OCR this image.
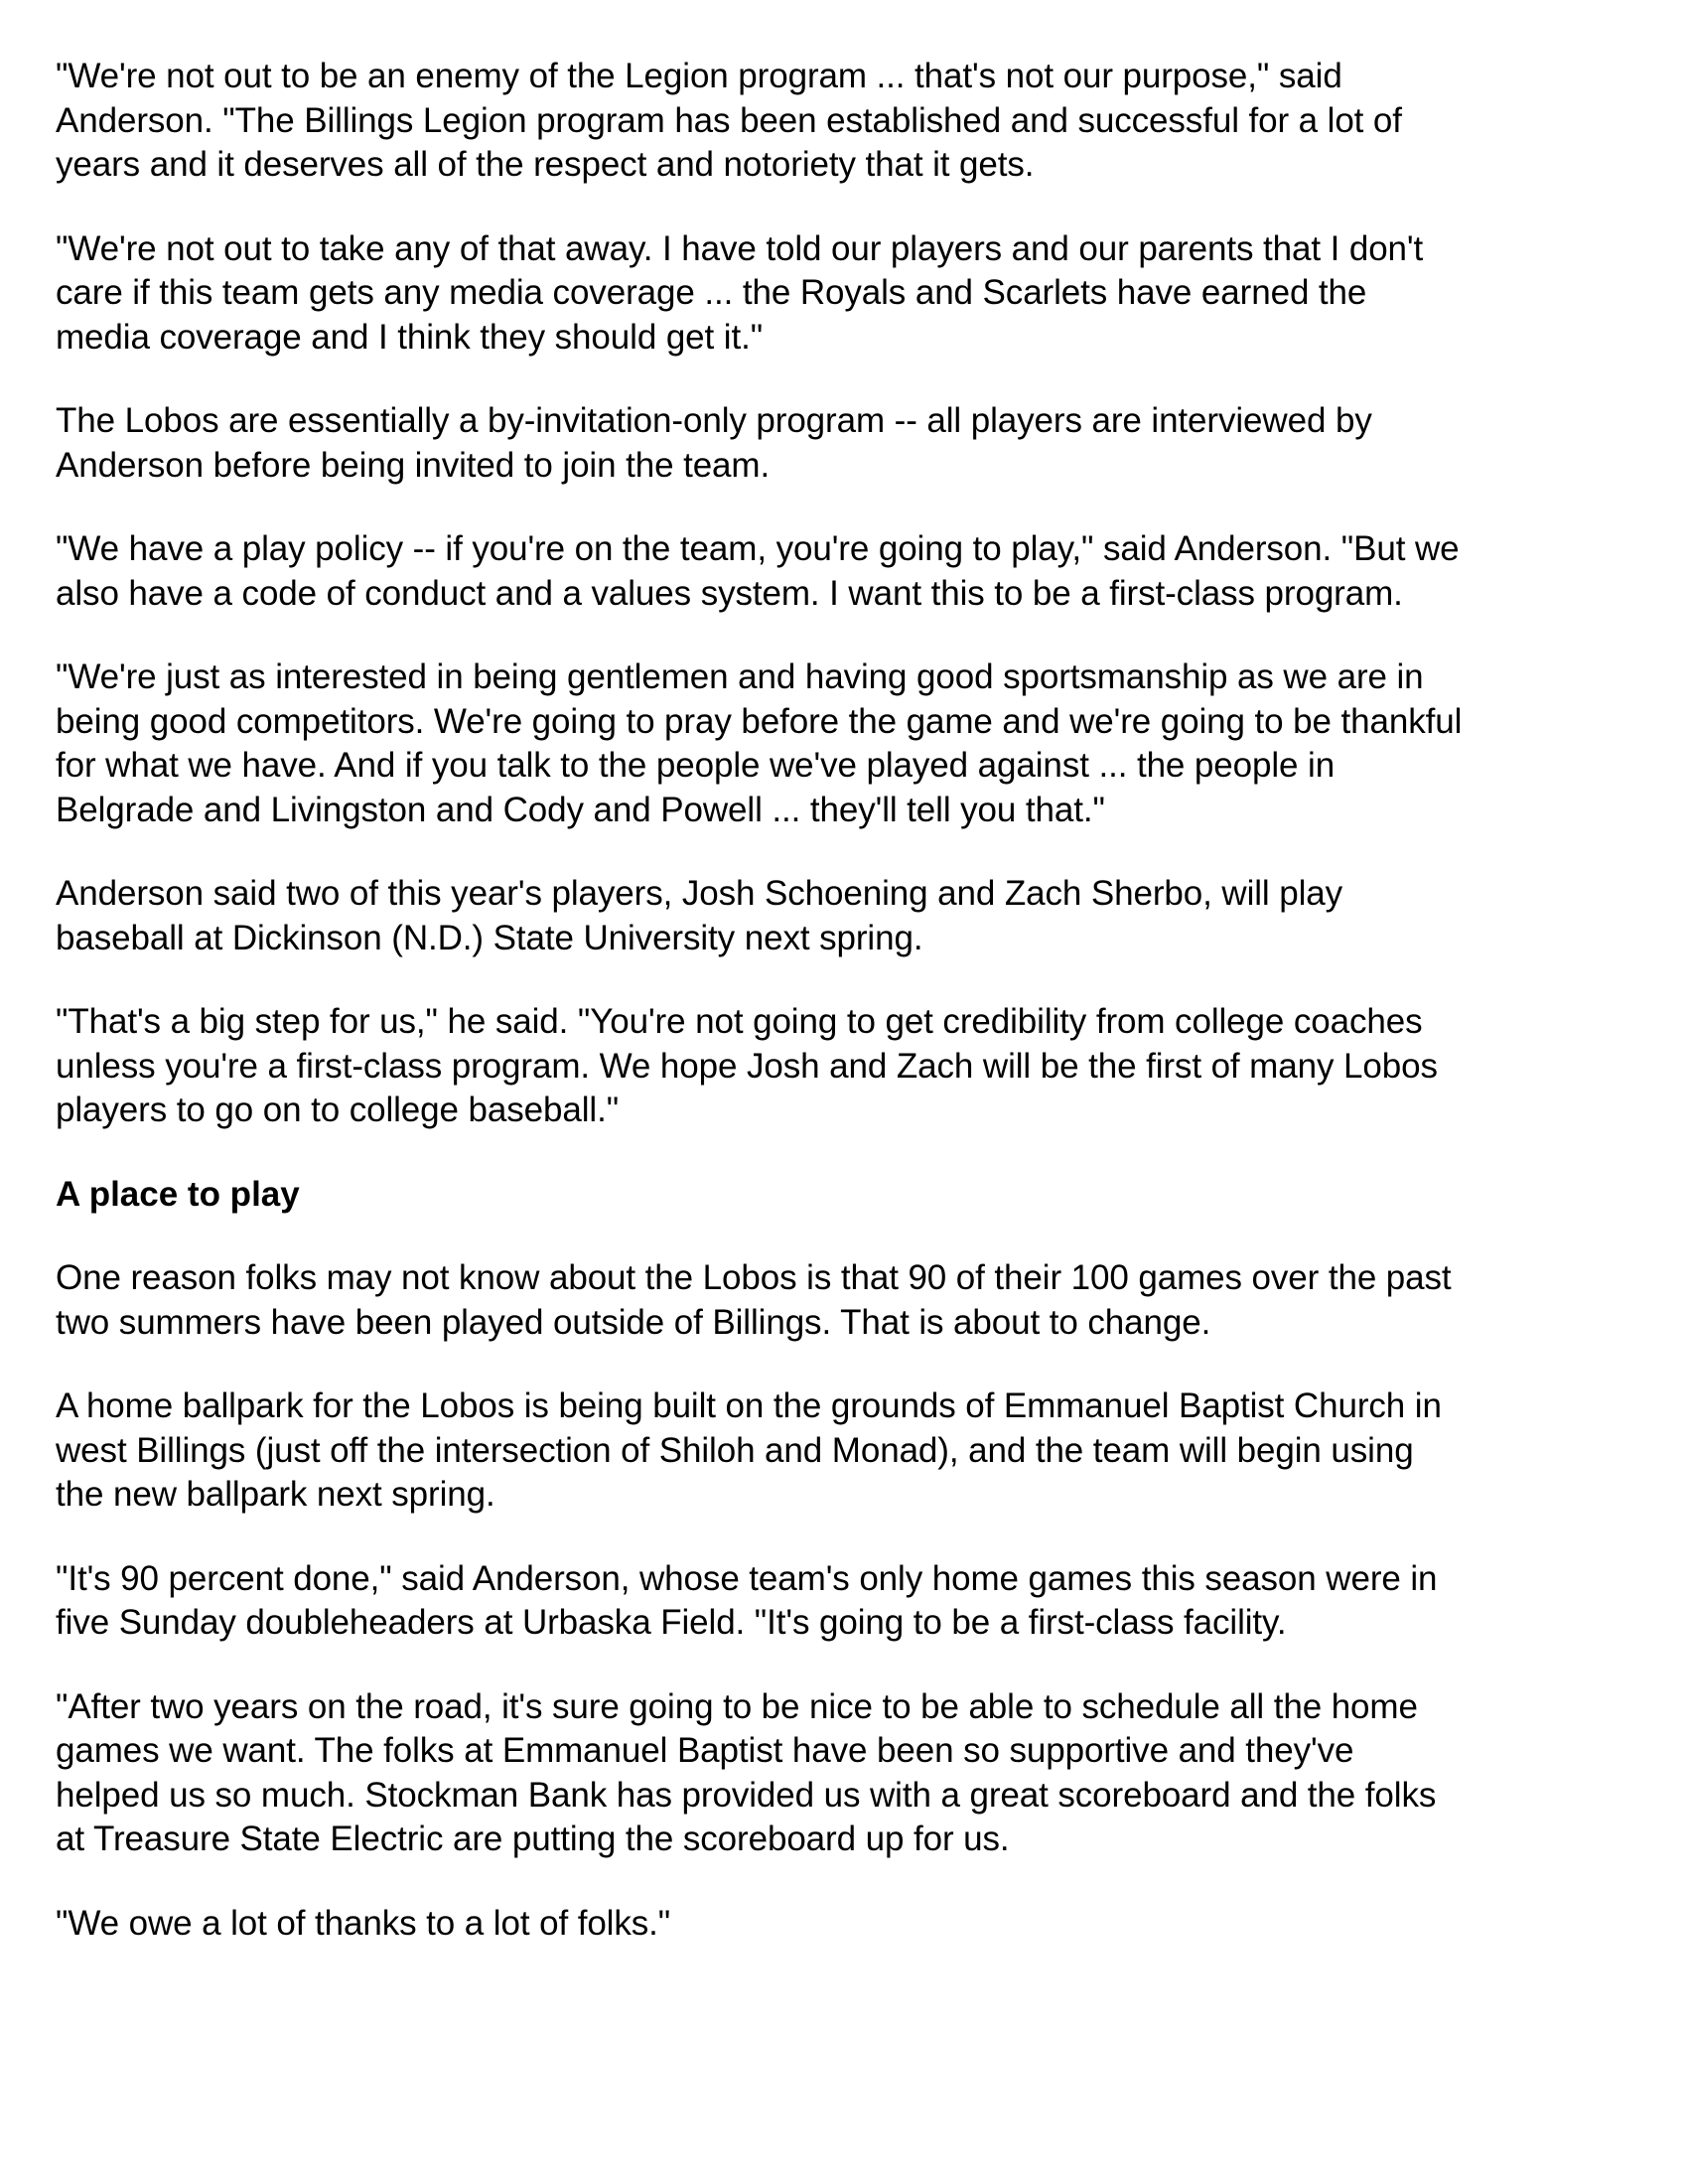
"We're not out to be an enemy of the Legion program ... that's not our purpose," said
Anderson. "The Billings Legion program has been established and successful for a lot of
years and it deserves all of the respect and notoriety that it gets.

"We're not out to take any of that away. I have told our players and our parents that I don't
care if this team gets any media coverage ... the Royals and Scarlets have earned the
media coverage and I think they should get it."

The Lobos are essentially a by-invitation-only program -- all players are interviewed by
Anderson before being invited to join the team.

"We have a play policy -- if you're on the team, you're going to play," said Anderson. "But we
also have a code of conduct and a values system. I want this to be a first-class program.

"We're just as interested in being gentlemen and having good sportsmanship as we are in
being good competitors. We're going to pray before the game and we're going to be thankful
for what we have. And if you talk to the people we've played against ... the people in
Belgrade and Livingston and Cody and Powell ... they'll tell you that."

Anderson said two of this year's players, Josh Schoening and Zach Sherbo, will play
baseball at Dickinson (N.D.) State University next spring.

"That's a big step for us," he said. "You're not going to get credibility from college coaches
unless you're a first-class program. We hope Josh and Zach will be the first of many Lobos
players to go on to college baseball."

A place to play

One reason folks may not know about the Lobos is that 90 of their 100 games over the past
two summers have been played outside of Billings. That is about to change.

A home ballpark for the Lobos is being built on the grounds of Emmanuel Baptist Church in
west Billings (just off the intersection of Shiloh and Monad), and the team will begin using
the new ballpark next spring.

"It's 90 percent done," said Anderson, whose team's only home games this season were in
five Sunday doubleheaders at Urbaska Field. "It's going to be a first-class facility.

"After two years on the road, it's sure going to be nice to be able to schedule all the home
games we want. The folks at Emmanuel Baptist have been so supportive and they've
helped us so much. Stockman Bank has provided us with a great scoreboard and the folks
at Treasure State Electric are putting the scoreboard up for us.

"We owe a lot of thanks to a lot of folks."
